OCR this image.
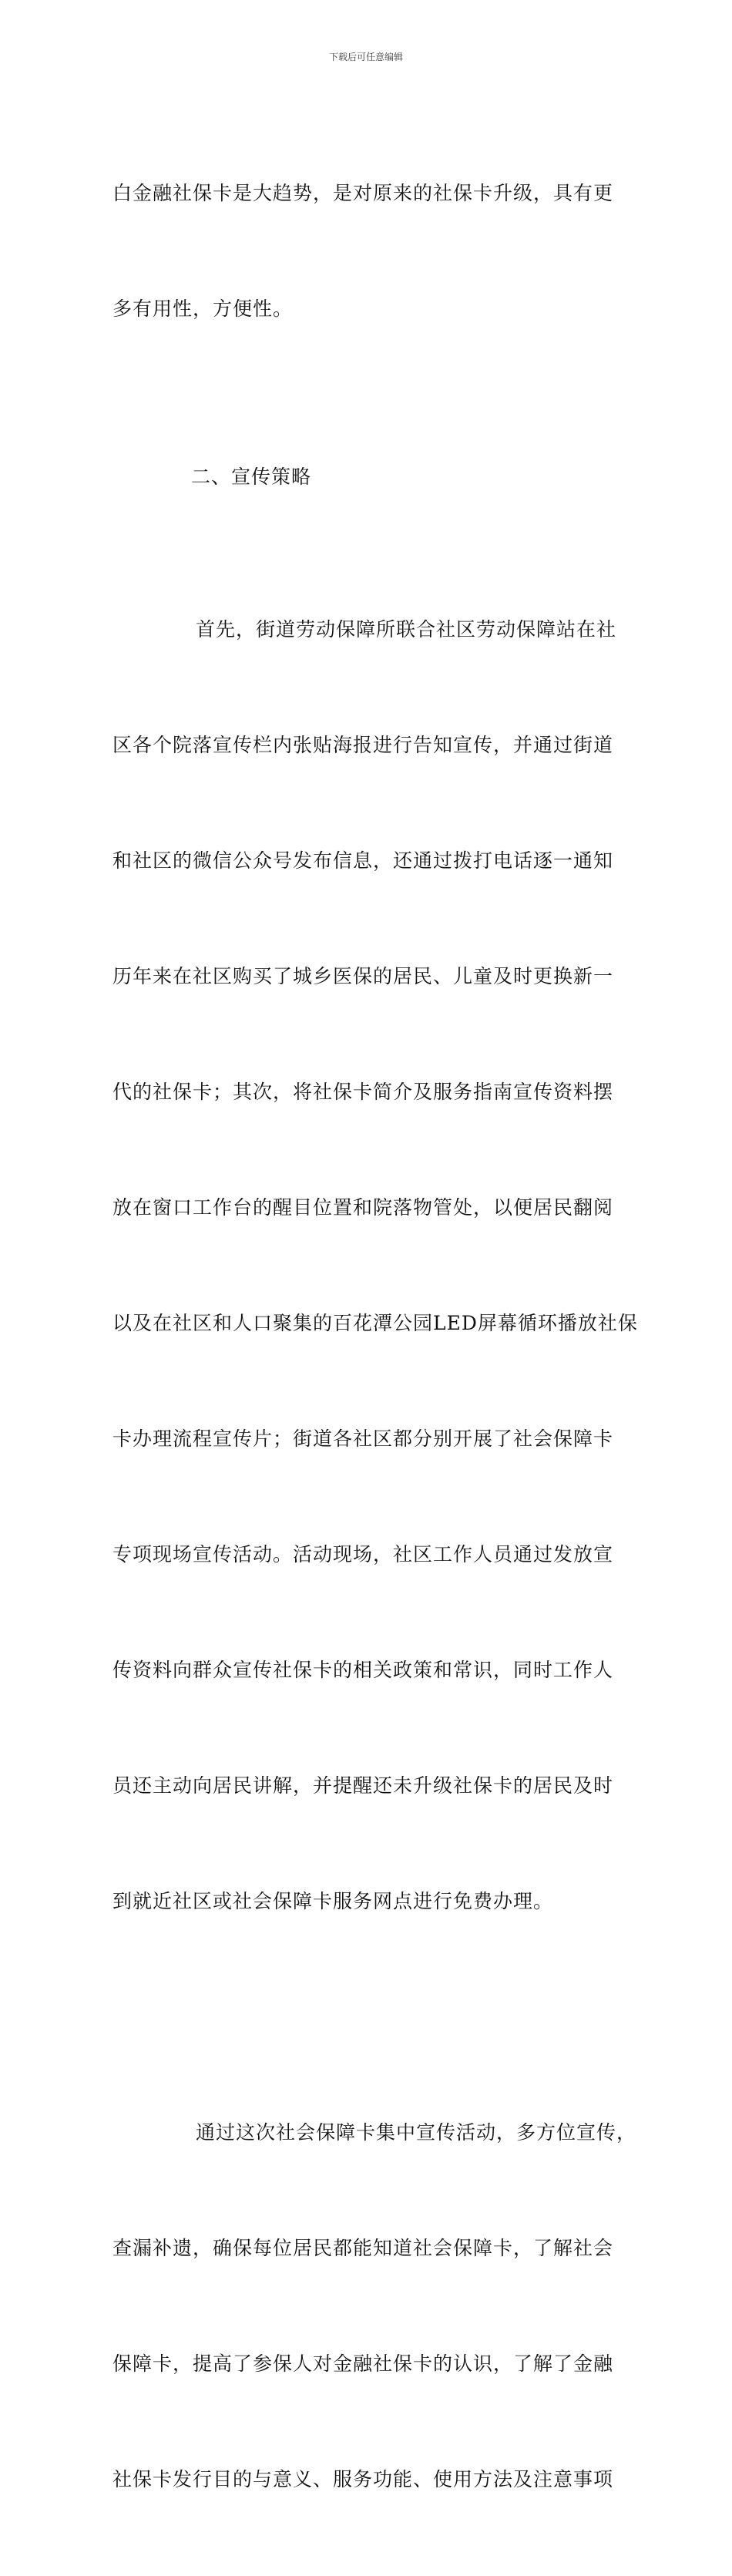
下载后可任意编辑

白金融社保卡是大趋势，是对原来的社保卡升级，具有更

多有用性，方便性。

二、宣传策略

首先，街道劳动保障所联合社区劳动保障站在社

区各个院落宣传栏内张贴海报进行告知宣传，并通过街道

和社区的微信公众号发布信息，还通过拨打电话逐一通知

历年来在社区购买了城乡医保的居民、儿童及时更换新一

代的社保卡；其次，将社保卡简介及服务指南宣传资料摆

放在窗口工作台的醒目位置和院落物管处，以便居民翻阅

以及在社区和人口聚集的百花潭公园LED屏幕循环播放社保

卡办理流程宣传片；街道各社区都分别开展了社会保障卡

专项现场宣传活动。活动现场，社区工作人员通过发放宣

传资料向群众宣传社保卡的相关政策和常识，同时工作人

员还主动向居民讲解，并提醒还未升级社保卡的居民及时

到就近社区或社会保障卡服务网点进行免费办理。

通过这次社会保障卡集中宣传活动，多方位宣传，

查漏补遗，确保每位居民都能知道社会保障卡，了解社会

保障卡，提高了参保人对金融社保卡的认识，了解了金融

社保卡发行目的与意义、服务功能、使用方法及注意事项
